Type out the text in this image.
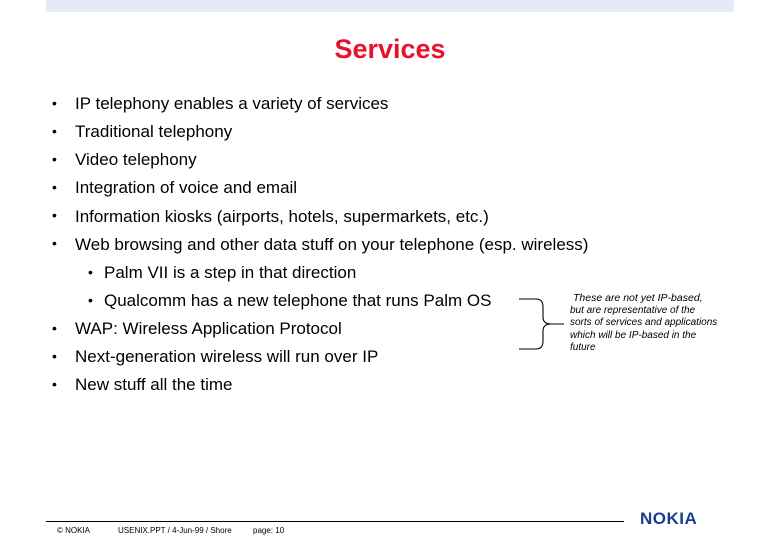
Services
• IP telephony enables a variety of services
• Traditional telephony
• Video telephony
• Integration of voice and email
• Information kiosks (airports, hotels, supermarkets, etc.)
• Web browsing and other data stuff on your telephone (esp. wireless)
• Palm VII is a step in that direction
• Qualcomm has a new telephone that runs Palm OS
• WAP: Wireless Application Protocol
• Next-generation wireless will run over IP
• New stuff all the time
These are not yet IP-based,
but are representative of the
sorts of services and applications
which will be IP-based in the
future
© NOKIA	USENIX.PPT / 4-Jun-99 / Shore	page: 10
NOKIA
